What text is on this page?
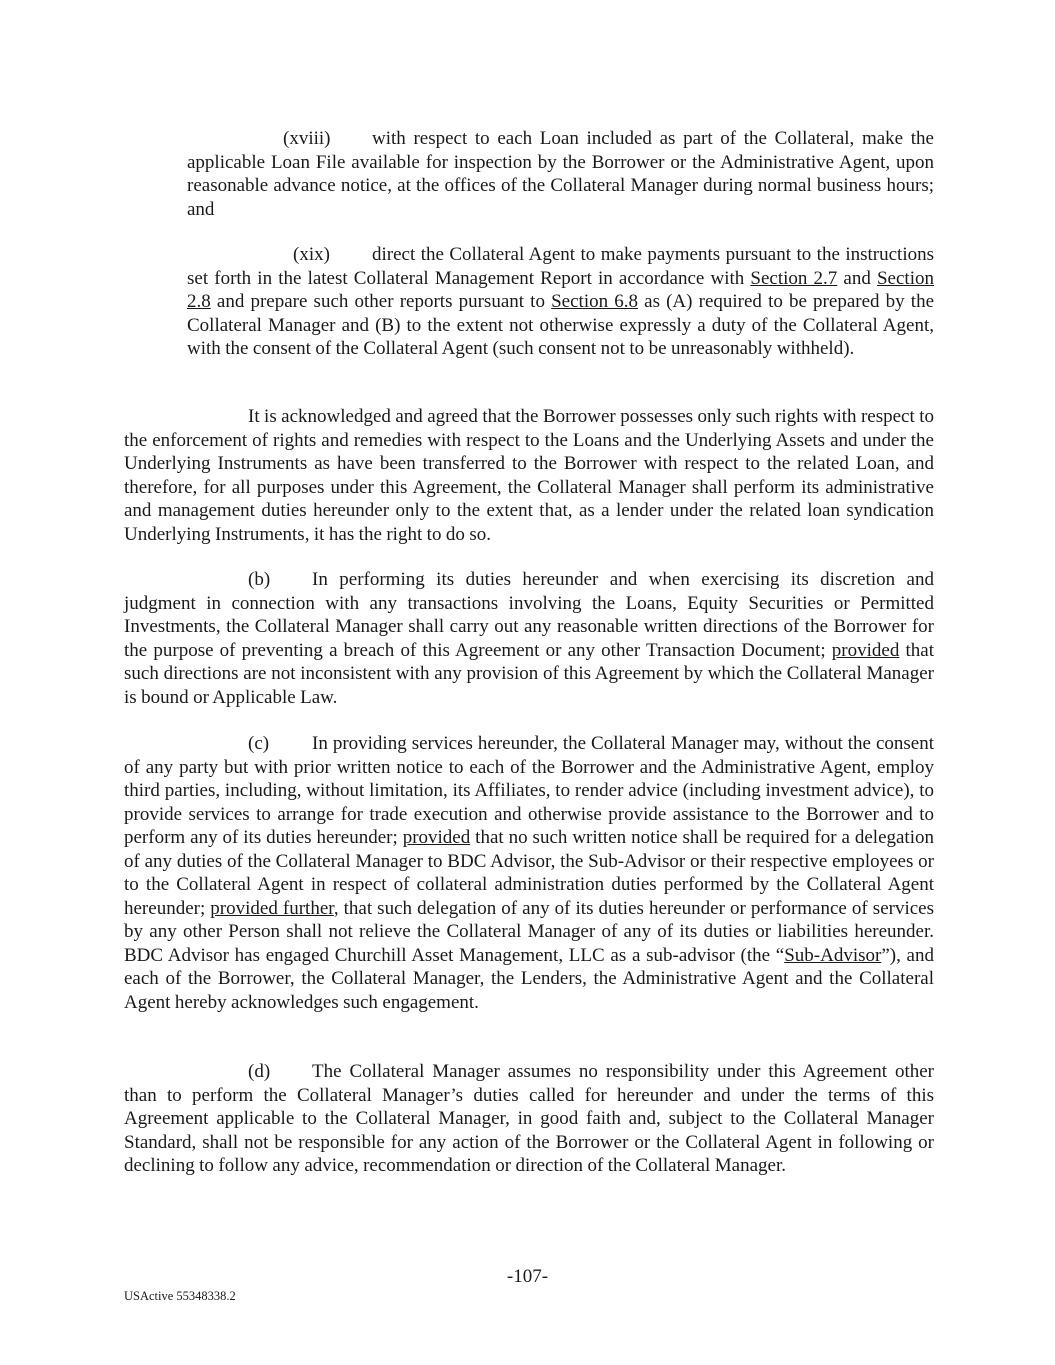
(xviii) with respect to each Loan included as part of the Collateral, make the applicable Loan File available for inspection by the Borrower or the Administrative Agent, upon reasonable advance notice, at the offices of the Collateral Manager during normal business hours; and

(xix) direct the Collateral Agent to make payments pursuant to the instructions set forth in the latest Collateral Management Report in accordance with Section 2.7 and Section 2.8 and prepare such other reports pursuant to Section 6.8 as (A) required to be prepared by the Collateral Manager and (B) to the extent not otherwise expressly a duty of the Collateral Agent, with the consent of the Collateral Agent (such consent not to be unreasonably withheld).

It is acknowledged and agreed that the Borrower possesses only such rights with respect to the enforcement of rights and remedies with respect to the Loans and the Underlying Assets and under the Underlying Instruments as have been transferred to the Borrower with respect to the related Loan, and therefore, for all purposes under this Agreement, the Collateral Manager shall perform its administrative and management duties hereunder only to the extent that, as a lender under the related loan syndication Underlying Instruments, it has the right to do so.

(b) In performing its duties hereunder and when exercising its discretion and judgment in connection with any transactions involving the Loans, Equity Securities or Permitted Investments, the Collateral Manager shall carry out any reasonable written directions of the Borrower for the purpose of preventing a breach of this Agreement or any other Transaction Document; provided that such directions are not inconsistent with any provision of this Agreement by which the Collateral Manager is bound or Applicable Law.

(c) In providing services hereunder, the Collateral Manager may, without the consent of any party but with prior written notice to each of the Borrower and the Administrative Agent, employ third parties, including, without limitation, its Affiliates, to render advice (including investment advice), to provide services to arrange for trade execution and otherwise provide assistance to the Borrower and to perform any of its duties hereunder; provided that no such written notice shall be required for a delegation of any duties of the Collateral Manager to BDC Advisor, the Sub-Advisor or their respective employees or to the Collateral Agent in respect of collateral administration duties performed by the Collateral Agent hereunder; provided further, that such delegation of any of its duties hereunder or performance of services by any other Person shall not relieve the Collateral Manager of any of its duties or liabilities hereunder. BDC Advisor has engaged Churchill Asset Management, LLC as a sub-advisor (the “Sub-Advisor”), and each of the Borrower, the Collateral Manager, the Lenders, the Administrative Agent and the Collateral Agent hereby acknowledges such engagement.

(d) The Collateral Manager assumes no responsibility under this Agreement other than to perform the Collateral Manager’s duties called for hereunder and under the terms of this Agreement applicable to the Collateral Manager, in good faith and, subject to the Collateral Manager Standard, shall not be responsible for any action of the Borrower or the Collateral Agent in following or declining to follow any advice, recommendation or direction of the Collateral Manager.

-107-

USActive 55348338.2
